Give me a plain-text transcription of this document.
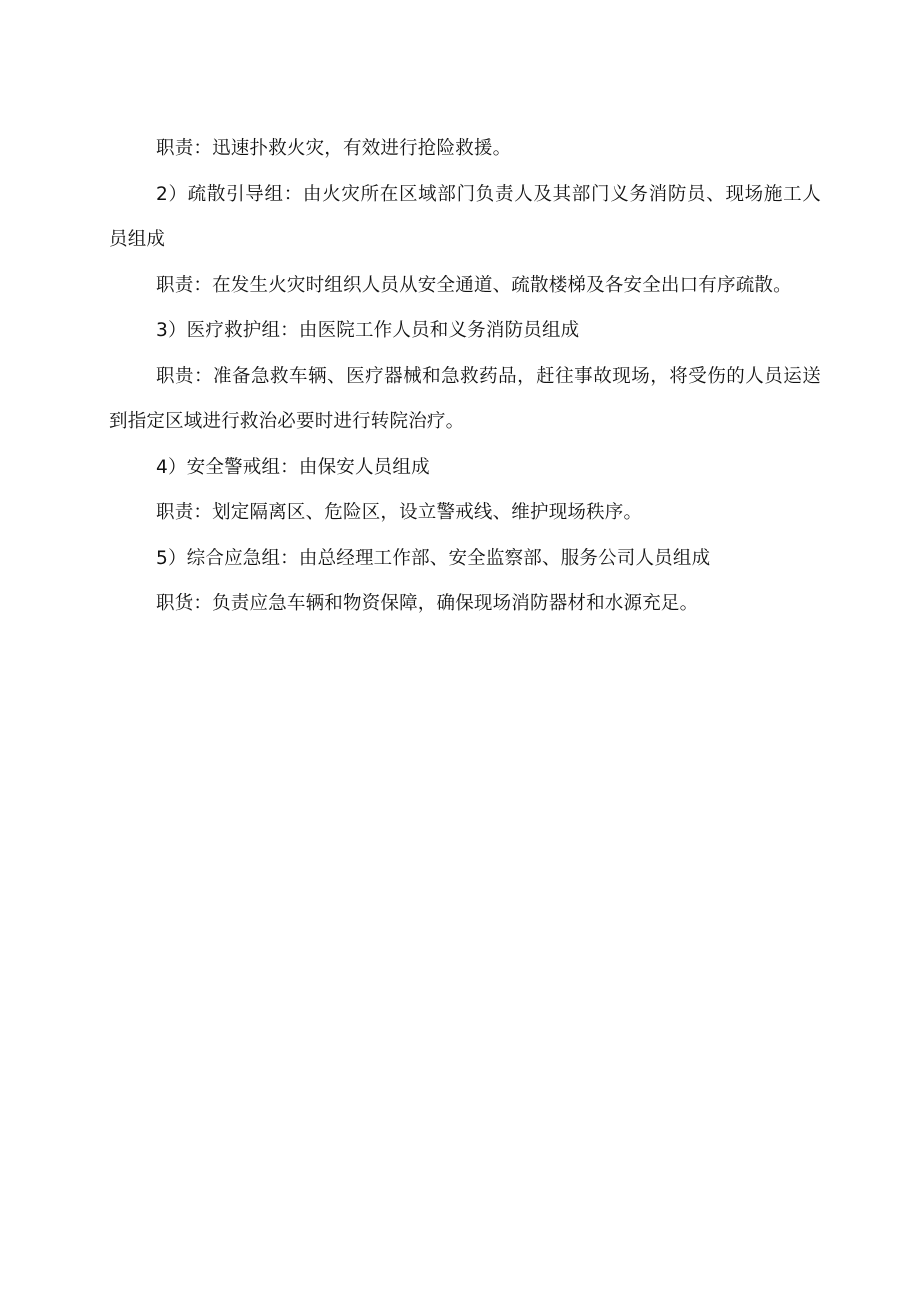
职责：迅速扑救火灾，有效进行抢险救援。

2）疏散引导组：由火灾所在区域部门负责人及其部门义务消防员、现场施工人员组成

职责：在发生火灾时组织人员从安全通道、疏散楼梯及各安全出口有序疏散。

3）医疗救护组：由医院工作人员和义务消防员组成

职贵：准备急救车辆、医疗器械和急救药品，赶往事故现场，将受伤的人员运送到指定区域进行救治必要时进行转院治疗。

4）安全警戒组：由保安人员组成

职责：划定隔离区、危险区，设立警戒线、维护现场秩序。

5）综合应急组：由总经理工作部、安全监察部、服务公司人员组成

职货：负责应急车辆和物资保障，确保现场消防器材和水源充足。
